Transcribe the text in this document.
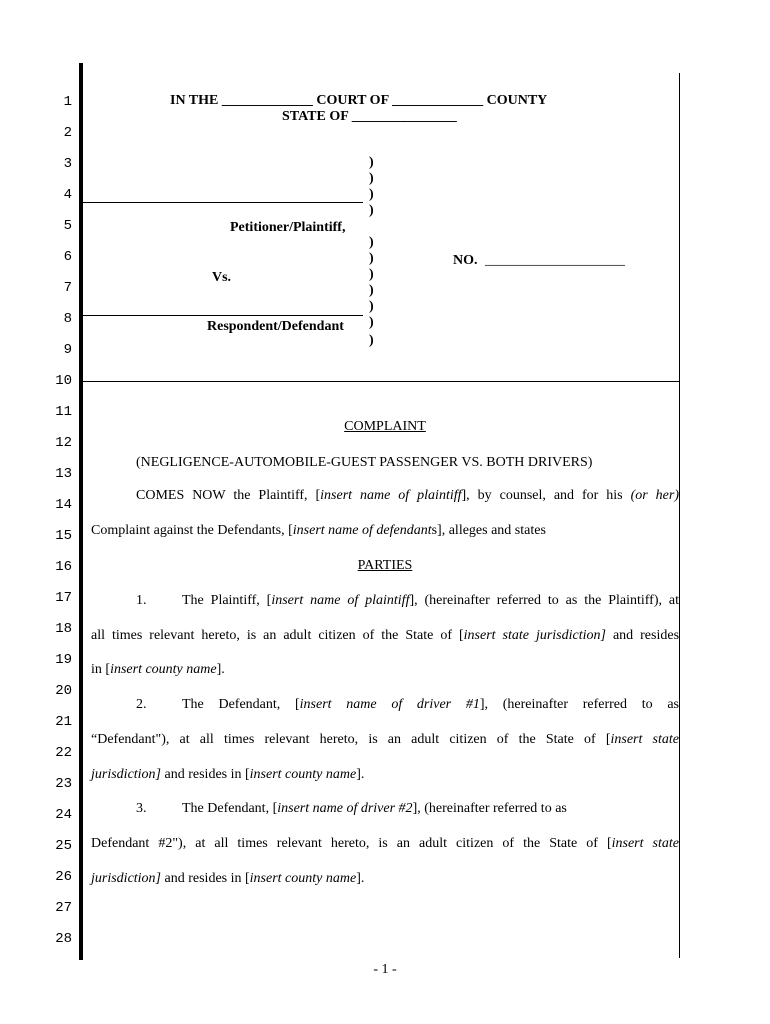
1
2
3
4
5
6
7
8
9
10
11
12
13
14
15
16
17
18
19
20
21
22
23
24
25
26
27
28
IN THE _____________ COURT OF _____________ COUNTY
STATE OF _______________
Petitioner/Plaintiff,
Vs.
Respondent/Defendant
)
)
)
)
)
)
)
)
)
)
)
NO. ____________________
COMPLAINT
(NEGLIGENCE-AUTOMOBILE-GUEST PASSENGER VS. BOTH DRIVERS)
COMES NOW the Plaintiff, [insert name of plaintiff], by counsel, and for his (or her)
Complaint against the Defendants, [insert name of defendants], alleges and states
PARTIES
1.	The Plaintiff, [insert name of plaintiff], (hereinafter referred to as the Plaintiff), at
all times relevant hereto, is an adult citizen of the State of [insert state jurisdiction] and resides
in [insert county name].
2.	The Defendant, [insert name of driver #1], (hereinafter referred to as
“Defendant"), at all times relevant hereto, is an adult citizen of the State of [insert state
jurisdiction] and resides in [insert county name].
3.	The Defendant, [insert name of driver #2], (hereinafter referred to as
Defendant #2"), at all times relevant hereto, is an adult citizen of the State of [insert state
jurisdiction] and resides in [insert county name].
- 1 -
